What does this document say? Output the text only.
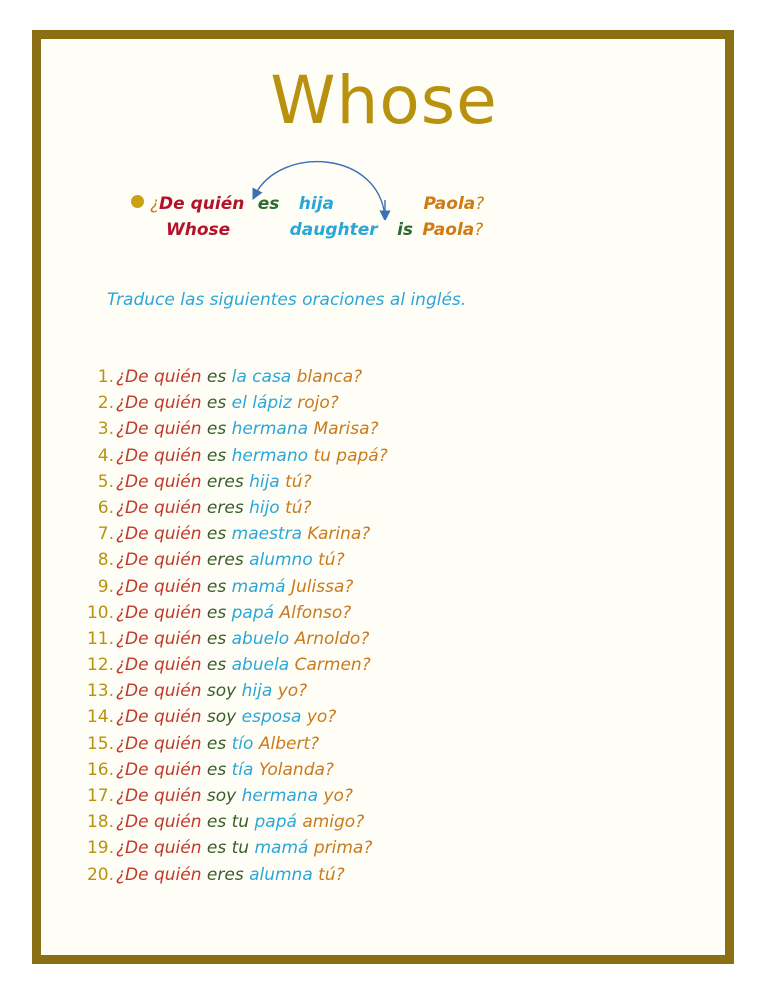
Whose
¿De quién es hija	Paola?
Whose	daughter is Paola?
Traduce las siguientes oraciones al inglés.
1. ¿De quién es la casa blanca?
2. ¿De quién es el lápiz rojo?
3. ¿De quién es hermana Marisa?
4. ¿De quién es hermano tu papá?
5. ¿De quién eres hija tú?
6. ¿De quién eres hijo tú?
7. ¿De quién es maestra Karina?
8. ¿De quién eres alumno tú?
9. ¿De quién es mamá Julissa?
10. ¿De quién es papá Alfonso?
11. ¿De quién es abuelo Arnoldo?
12. ¿De quién es abuela Carmen?
13. ¿De quién soy hija yo?
14. ¿De quién soy esposa yo?
15. ¿De quién es tío Albert?
16. ¿De quién es tía Yolanda?
17. ¿De quién soy hermana yo?
18. ¿De quién es tu papá amigo?
19. ¿De quién es tu mamá prima?
20. ¿De quién eres alumna tú?
